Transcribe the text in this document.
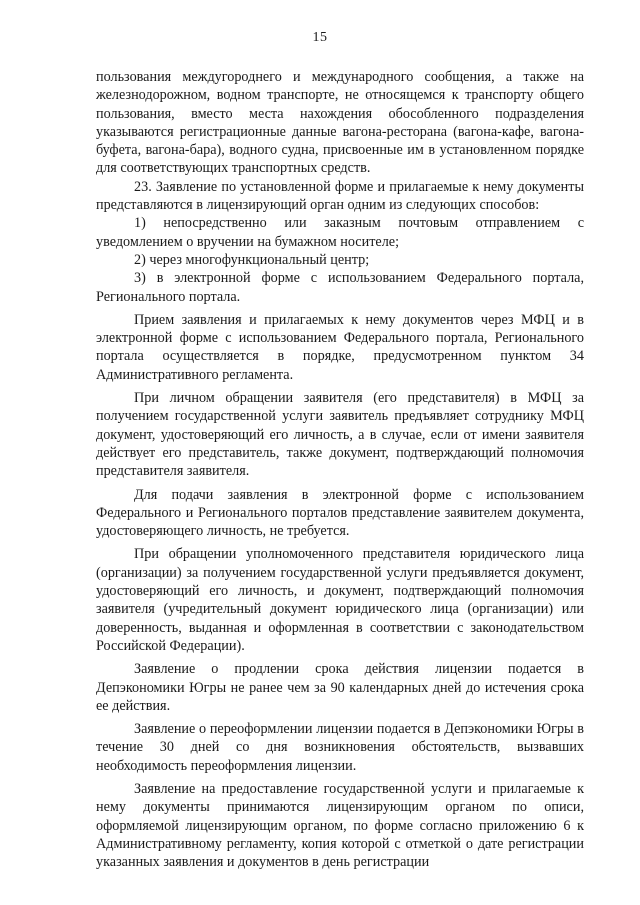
15

пользования междугороднего и международного сообщения, а также на железнодорожном, водном транспорте, не относящемся к транспорту общего пользования, вместо места нахождения обособленного подразделения указываются регистрационные данные вагона-ресторана (вагона-кафе, вагона-буфета, вагона-бара), водного судна, присвоенные им в установленном порядке для соответствующих транспортных средств.

23. Заявление по установленной форме и прилагаемые к нему документы представляются в лицензирующий орган одним из следующих способов:

1) непосредственно или заказным почтовым отправлением с уведомлением о вручении на бумажном носителе;

2) через многофункциональный центр;

3) в электронной форме с использованием Федерального портала, Регионального портала.

Прием заявления и прилагаемых к нему документов через МФЦ и в электронной форме с использованием Федерального портала, Регионального портала осуществляется в порядке, предусмотренном пунктом 34 Административного регламента.

При личном обращении заявителя (его представителя) в МФЦ за получением государственной услуги заявитель предъявляет сотруднику МФЦ документ, удостоверяющий его личность, а в случае, если от имени заявителя действует его представитель, также документ, подтверждающий полномочия представителя заявителя.

Для подачи заявления в электронной форме с использованием Федерального и Регионального порталов представление заявителем документа, удостоверяющего личность, не требуется.

При обращении уполномоченного представителя юридического лица (организации) за получением государственной услуги предъявляется документ, удостоверяющий его личность, и документ, подтверждающий полномочия заявителя (учредительный документ юридического лица (организации) или доверенность, выданная и оформленная в соответствии с законодательством Российской Федерации).

Заявление о продлении срока действия лицензии подается в Депэкономики Югры не ранее чем за 90 календарных дней до истечения срока ее действия.

Заявление о переоформлении лицензии подается в Депэкономики Югры в течение 30 дней со дня возникновения обстоятельств, вызвавших необходимость переоформления лицензии.

Заявление на предоставление государственной услуги и прилагаемые к нему документы принимаются лицензирующим органом по описи, оформляемой лицензирующим органом, по форме согласно приложению 6 к Административному регламенту, копия которой с отметкой о дате регистрации указанных заявления и документов в день регистрации
